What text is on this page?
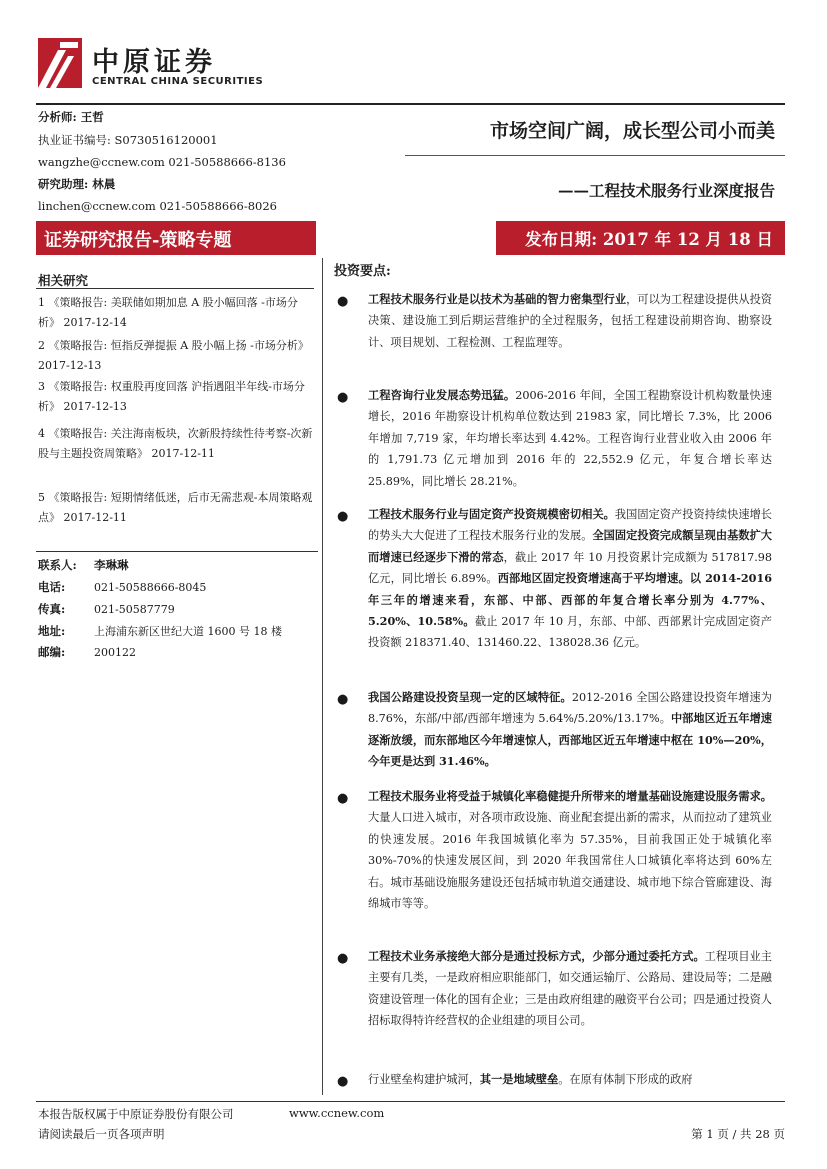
中原证券
CENTRAL CHINA SECURITIES
分析师: 王哲
执业证书编号: S0730516120001
wangzhe@ccnew.com 021-50588666-8136
研究助理: 林晨
linchen@ccnew.com 021-50588666-8026
市场空间广阔，成长型公司小而美
——工程技术服务行业深度报告
证券研究报告-策略专题	发布日期: 2017 年 12 月 18 日
相关研究
1 《策略报告: 美联储如期加息 A 股小幅回落 -市场分析》 2017-12-14
2 《策略报告: 恒指反弹提振 A 股小幅上扬 -市场分析》 2017-12-13
3 《策略报告: 权重股再度回落 沪指遇阻半年线-市场分析》 2017-12-13
4 《策略报告: 关注海南板块，次新股持续性待考察-次新股与主题投资周策略》 2017-12-11
5 《策略报告: 短期情绪低迷，后市无需悲观-本周策略观点》 2017-12-11
联系人: 李琳琳
电话:	021-50588666-8045
传真:	021-50587779
地址:	上海浦东新区世纪大道 1600 号 18 楼
邮编:	200122
投资要点:
● 工程技术服务行业是以技术为基础的智力密集型行业，可以为工程建设提供从投资决策、建设施工到后期运营维护的全过程服务，包括工程建设前期咨询、勘察设计、项目规划、工程检测、工程监理等。
● 工程咨询行业发展态势迅猛。2006-2016 年间，全国工程勘察设计机构数量快速增长，2016 年勘察设计机构单位数达到 21983 家，同比增长 7.3%，比 2006 年增加 7,719 家，年均增长率达到 4.42%。工程咨询行业营业收入由 2006 年的 1,791.73 亿元增加到 2016 年的 22,552.9 亿元，年复合增长率达 25.89%，同比增长 28.21%。
● 工程技术服务行业与固定资产投资规模密切相关。我国固定资产投资持续快速增长的势头大大促进了工程技术服务行业的发展。全国固定投资完成额呈现由基数扩大而增速已经逐步下滑的常态，截止 2017 年 10 月投资累计完成额为 517817.98 亿元，同比增长 6.89%。西部地区固定投资增速高于平均增速。以 2014-2016 年三年的增速来看，东部、中部、西部的年复合增长率分别为 4.77%、5.20%、10.58%。截止 2017 年 10 月，东部、中部、西部累计完成固定资产投资额 218371.40、131460.22、138028.36 亿元。
● 我国公路建设投资呈现一定的区域特征。2012-2016 全国公路建设投资年增速为 8.76%，东部/中部/西部年增速为 5.64%/5.20%/13.17%。中部地区近五年增速逐渐放缓，而东部地区今年增速惊人，西部地区近五年增速中枢在 10%—20%，今年更是达到 31.46%。
● 工程技术服务业将受益于城镇化率稳健提升所带来的增量基础设施建设服务需求。大量人口进入城市，对各项市政设施、商业配套提出新的需求，从而拉动了建筑业的快速发展。2016 年我国城镇化率为 57.35%，目前我国正处于城镇化率 30%-70%的快速发展区间，到 2020 年我国常住人口城镇化率将达到 60%左右。城市基础设施服务建设还包括城市轨道交通建设、城市地下综合管廊建设、海绵城市等等。
● 工程技术业务承接绝大部分是通过投标方式，少部分通过委托方式。工程项目业主主要有几类，一是政府相应职能部门，如交通运输厅、公路局、建设局等；二是融资建设管理一体化的国有企业；三是由政府组建的融资平台公司；四是通过投资人招标取得特许经营权的企业组建的项目公司。
● 行业壁垒构建护城河，其一是地域壁垒。在原有体制下形成的政府
本报告版权属于中原证券股份有限公司	www.ccnew.com
请阅读最后一页各项声明	第 1 页 / 共 28 页
